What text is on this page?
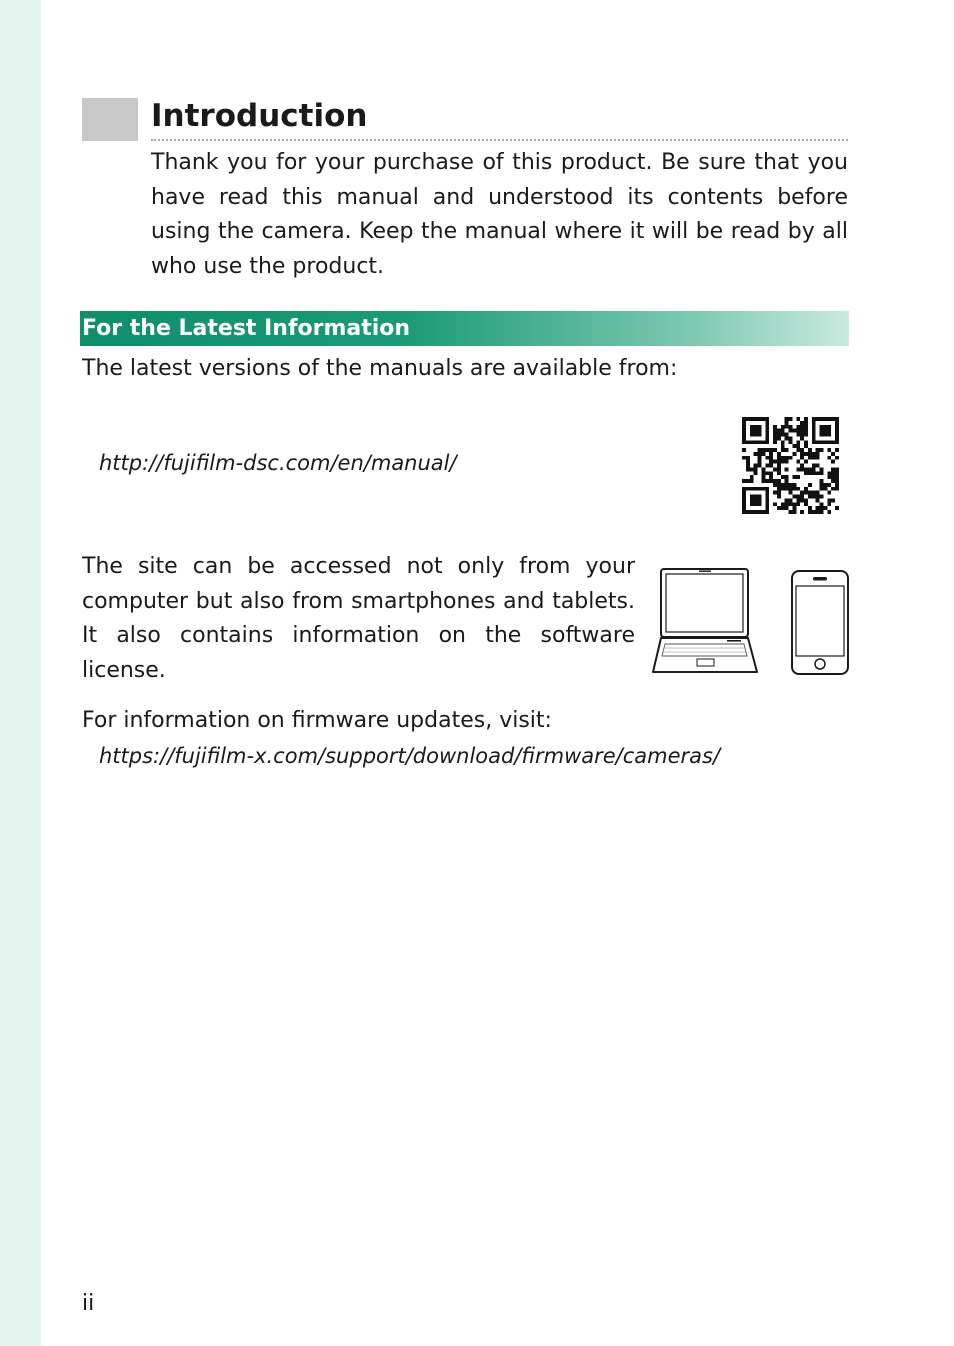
Introduction

Thank you for your purchase of this product. Be sure that you have read this manual and understood its contents before using the camera. Keep the manual where it will be read by all who use the product.

For the Latest Information

The latest versions of the manuals are available from:

http://fujifilm-dsc.com/en/manual/

The site can be accessed not only from your computer but also from smartphones and tablets. It also contains information on the software license.

For information on firmware updates, visit:

https://fujifilm-x.com/support/download/firmware/cameras/

ii
